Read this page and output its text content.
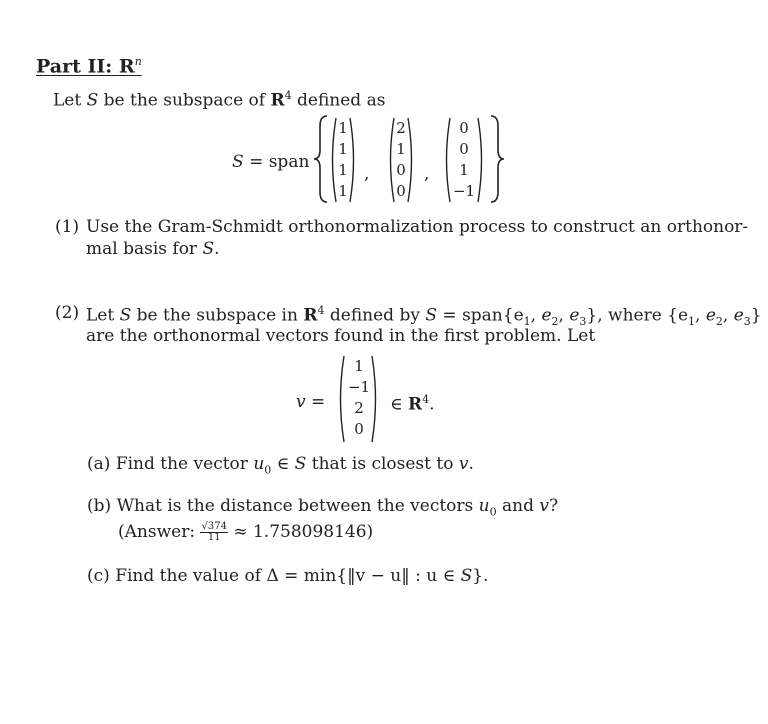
Part II: $R^n$
Let S be the subspace of $R^4$ defined as
S = span
1
1
1
1
,
2
1
0
0
,
0
0
1
−1
(1) Use the Gram-Schmidt orthonormalization process to construct an orthonor-
mal basis for S.
(2) Let S be the subspace in $R^4$ defined by $S = span\{e_1$, $e_2$, $e_3$}, where {$e_1$, $e_2$, $e_3$}
are the orthonormal vectors found in the first problem. Let
v =
1
−1
2
0
∈ $R^4$.
(a) Find the vector $u_0$ ∈ S that is closest to v.
(b) What is the distance between the vectors $u_0$ and v?
(Answer: $\frac{√374}{11} \approx 1.758098146$)
(c) Find the value of Δ = min{‖v − u‖ : u ∈ S}.
